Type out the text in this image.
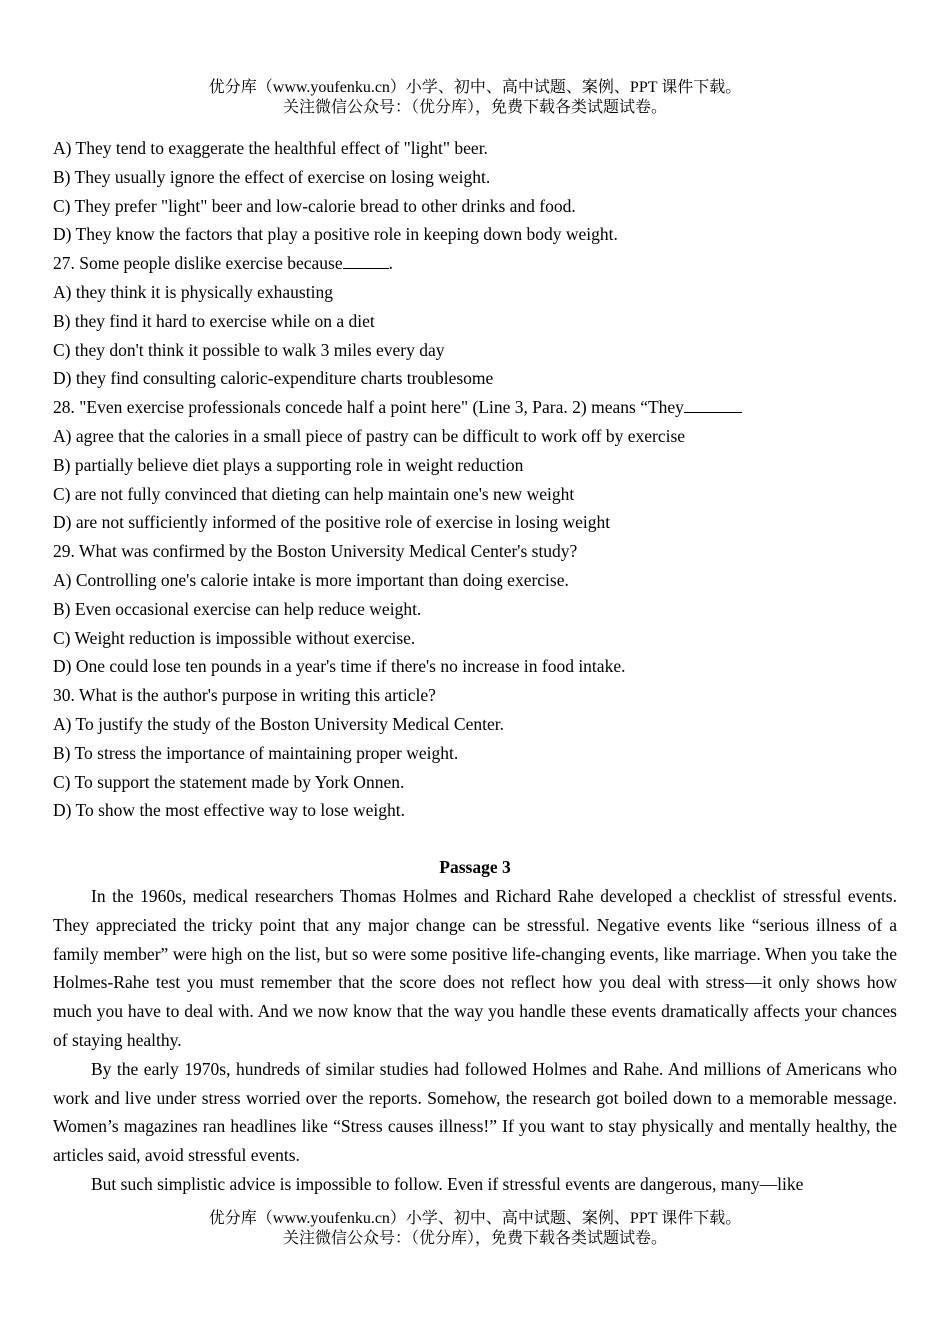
优分库（www.youfenku.cn）小学、初中、高中试题、案例、PPT 课件下载。
关注微信公众号：（优分库），免费下载各类试题试卷。
A) They tend to exaggerate the healthful effect of "light" beer.
B) They usually ignore the effect of exercise on losing weight.
C) They prefer "light" beer and low-calorie bread to other drinks and food.
D) They know the factors that play a positive role in keeping down body weight.
27. Some people dislike exercise because	.
A) they think it is physically exhausting
B) they find it hard to exercise while on a diet
C) they don't think it possible to walk 3 miles every day
D) they find consulting caloric-expenditure charts troublesome
28. "Even exercise professionals concede half a point here" (Line 3, Para. 2) means “They
A) agree that the calories in a small piece of pastry can be difficult to work off by exercise
B) partially believe diet plays a supporting role in weight reduction
C) are not fully convinced that dieting can help maintain one's new weight
D) are not sufficiently informed of the positive role of exercise in losing weight
29. What was confirmed by the Boston University Medical Center's study?
A) Controlling one's calorie intake is more important than doing exercise.
B) Even occasional exercise can help reduce weight.
C) Weight reduction is impossible without exercise.
D) One could lose ten pounds in a year's time if there's no increase in food intake.
30. What is the author's purpose in writing this article?
A) To justify the study of the Boston University Medical Center.
B) To stress the importance of maintaining proper weight.
C) To support the statement made by York Onnen.
D) To show the most effective way to lose weight.
Passage 3

In the 1960s, medical researchers Thomas Holmes and Richard Rahe developed a checklist of stressful events. They appreciated the tricky point that any major change can be stressful. Negative events like “serious illness of a family member” were high on the list, but so were some positive life-changing events, like marriage. When you take the Holmes-Rahe test you must remember that the score does not reflect how you deal with stress—it only shows how much you have to deal with. And we now know that the way you handle these events dramatically affects your chances of staying healthy.

By the early 1970s, hundreds of similar studies had followed Holmes and Rahe. And millions of Americans who work and live under stress worried over the reports. Somehow, the research got boiled down to a memorable message. Women’s magazines ran headlines like “Stress causes illness!” If you want to stay physically and mentally healthy, the articles said, avoid stressful events.

But such simplistic advice is impossible to follow. Even if stressful events are dangerous, many—like

优分库（www.youfenku.cn）小学、初中、高中试题、案例、PPT 课件下载。
关注微信公众号：（优分库），免费下载各类试题试卷。
